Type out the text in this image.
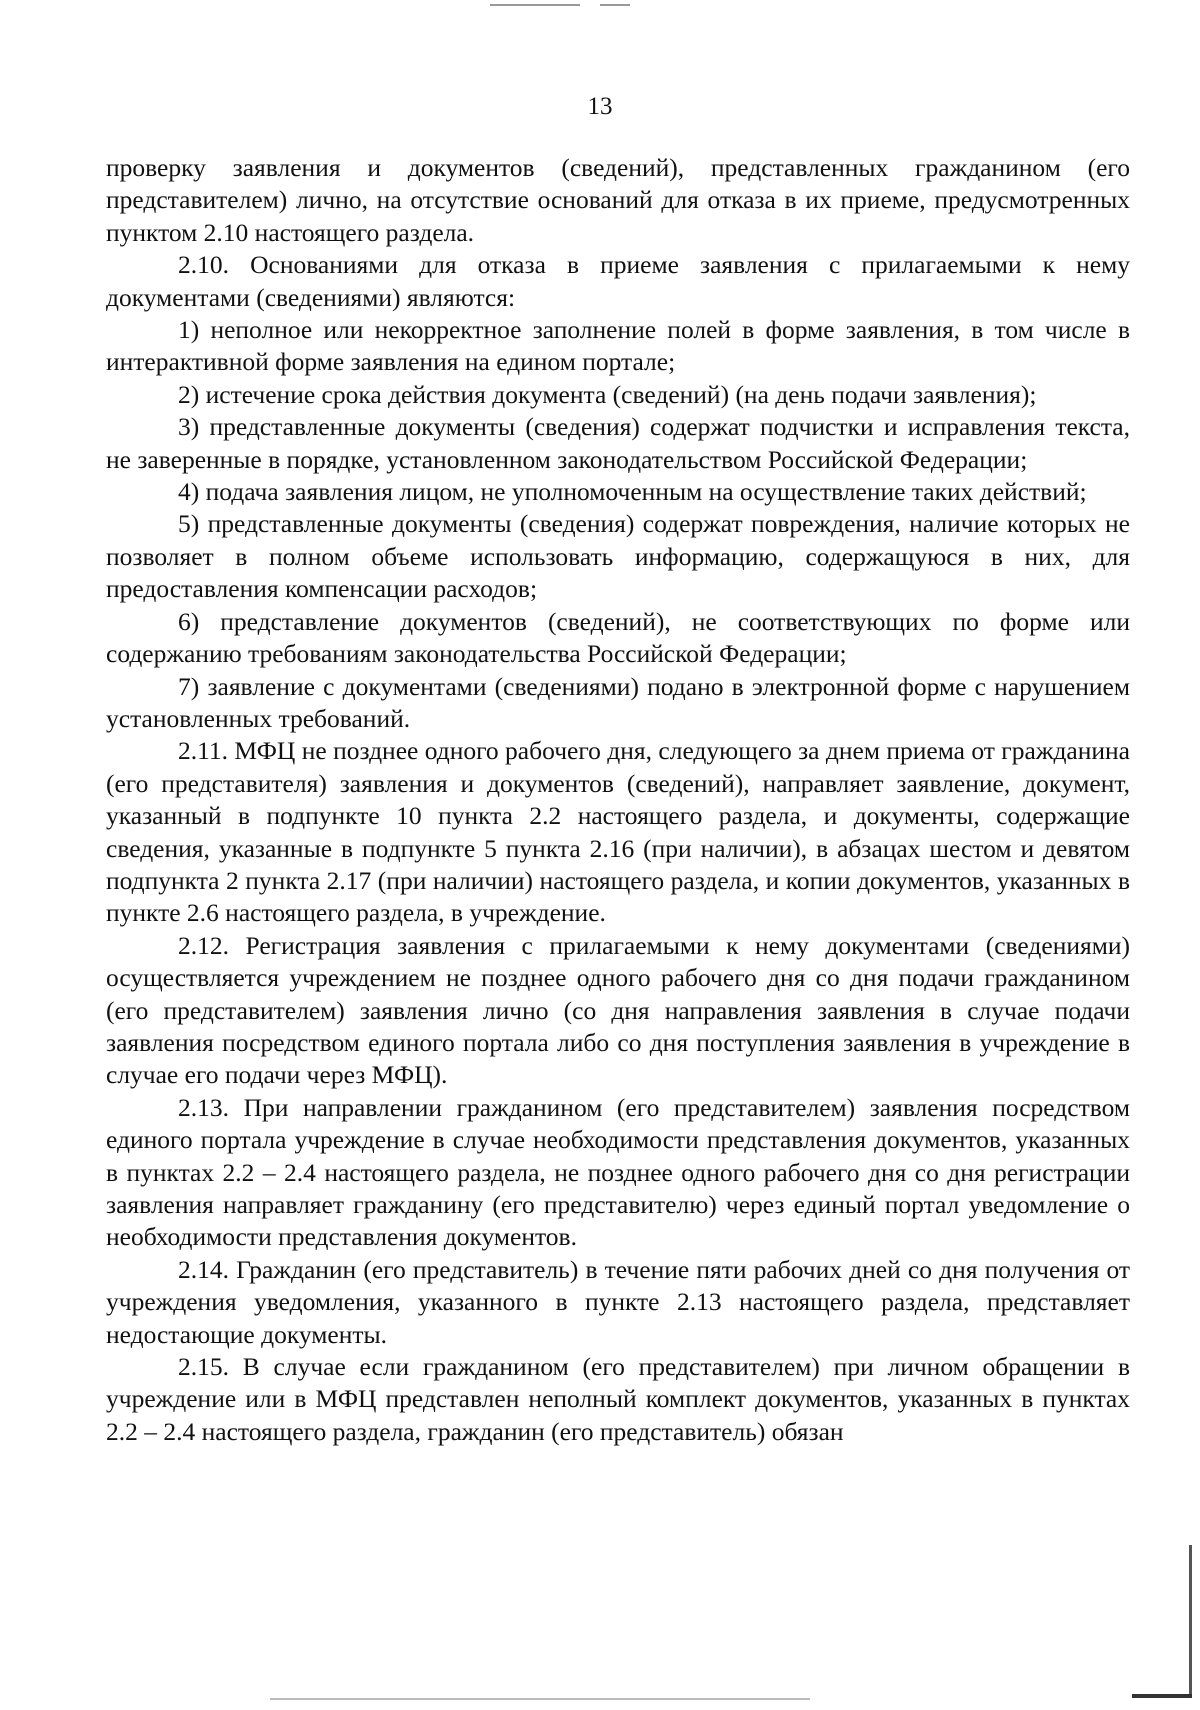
13

проверку заявления и документов (сведений), представленных гражданином (его представителем) лично, на отсутствие оснований для отказа в их приеме, предусмотренных пунктом 2.10 настоящего раздела.

2.10. Основаниями для отказа в приеме заявления с прилагаемыми к нему документами (сведениями) являются:

1) неполное или некорректное заполнение полей в форме заявления, в том числе в интерактивной форме заявления на едином портале;

2) истечение срока действия документа (сведений) (на день подачи заявления);

3) представленные документы (сведения) содержат подчистки и исправления текста, не заверенные в порядке, установленном законодательством Российской Федерации;

4) подача заявления лицом, не уполномоченным на осуществление таких действий;

5) представленные документы (сведения) содержат повреждения, наличие которых не позволяет в полном объеме использовать информацию, содержащуюся в них, для предоставления компенсации расходов;

6) представление документов (сведений), не соответствующих по форме или содержанию требованиям законодательства Российской Федерации;

7) заявление с документами (сведениями) подано в электронной форме с нарушением установленных требований.

2.11. МФЦ не позднее одного рабочего дня, следующего за днем приема от гражданина (его представителя) заявления и документов (сведений), направляет заявление, документ, указанный в подпункте 10 пункта 2.2 настоящего раздела, и документы, содержащие сведения, указанные в подпункте 5 пункта 2.16 (при наличии), в абзацах шестом и девятом подпункта 2 пункта 2.17 (при наличии) настоящего раздела, и копии документов, указанных в пункте 2.6 настоящего раздела, в учреждение.

2.12. Регистрация заявления с прилагаемыми к нему документами (сведениями) осуществляется учреждением не позднее одного рабочего дня со дня подачи гражданином (его представителем) заявления лично (со дня направления заявления в случае подачи заявления посредством единого портала либо со дня поступления заявления в учреждение в случае его подачи через МФЦ).

2.13. При направлении гражданином (его представителем) заявления посредством единого портала учреждение в случае необходимости представления документов, указанных в пунктах 2.2 – 2.4 настоящего раздела, не позднее одного рабочего дня со дня регистрации заявления направляет гражданину (его представителю) через единый портал уведомление о необходимости представления документов.

2.14. Гражданин (его представитель) в течение пяти рабочих дней со дня получения от учреждения уведомления, указанного в пункте 2.13 настоящего раздела, представляет недостающие документы.

2.15. В случае если гражданином (его представителем) при личном обращении в учреждение или в МФЦ представлен неполный комплект документов, указанных в пунктах 2.2 – 2.4 настоящего раздела, гражданин (его представитель) обязан
